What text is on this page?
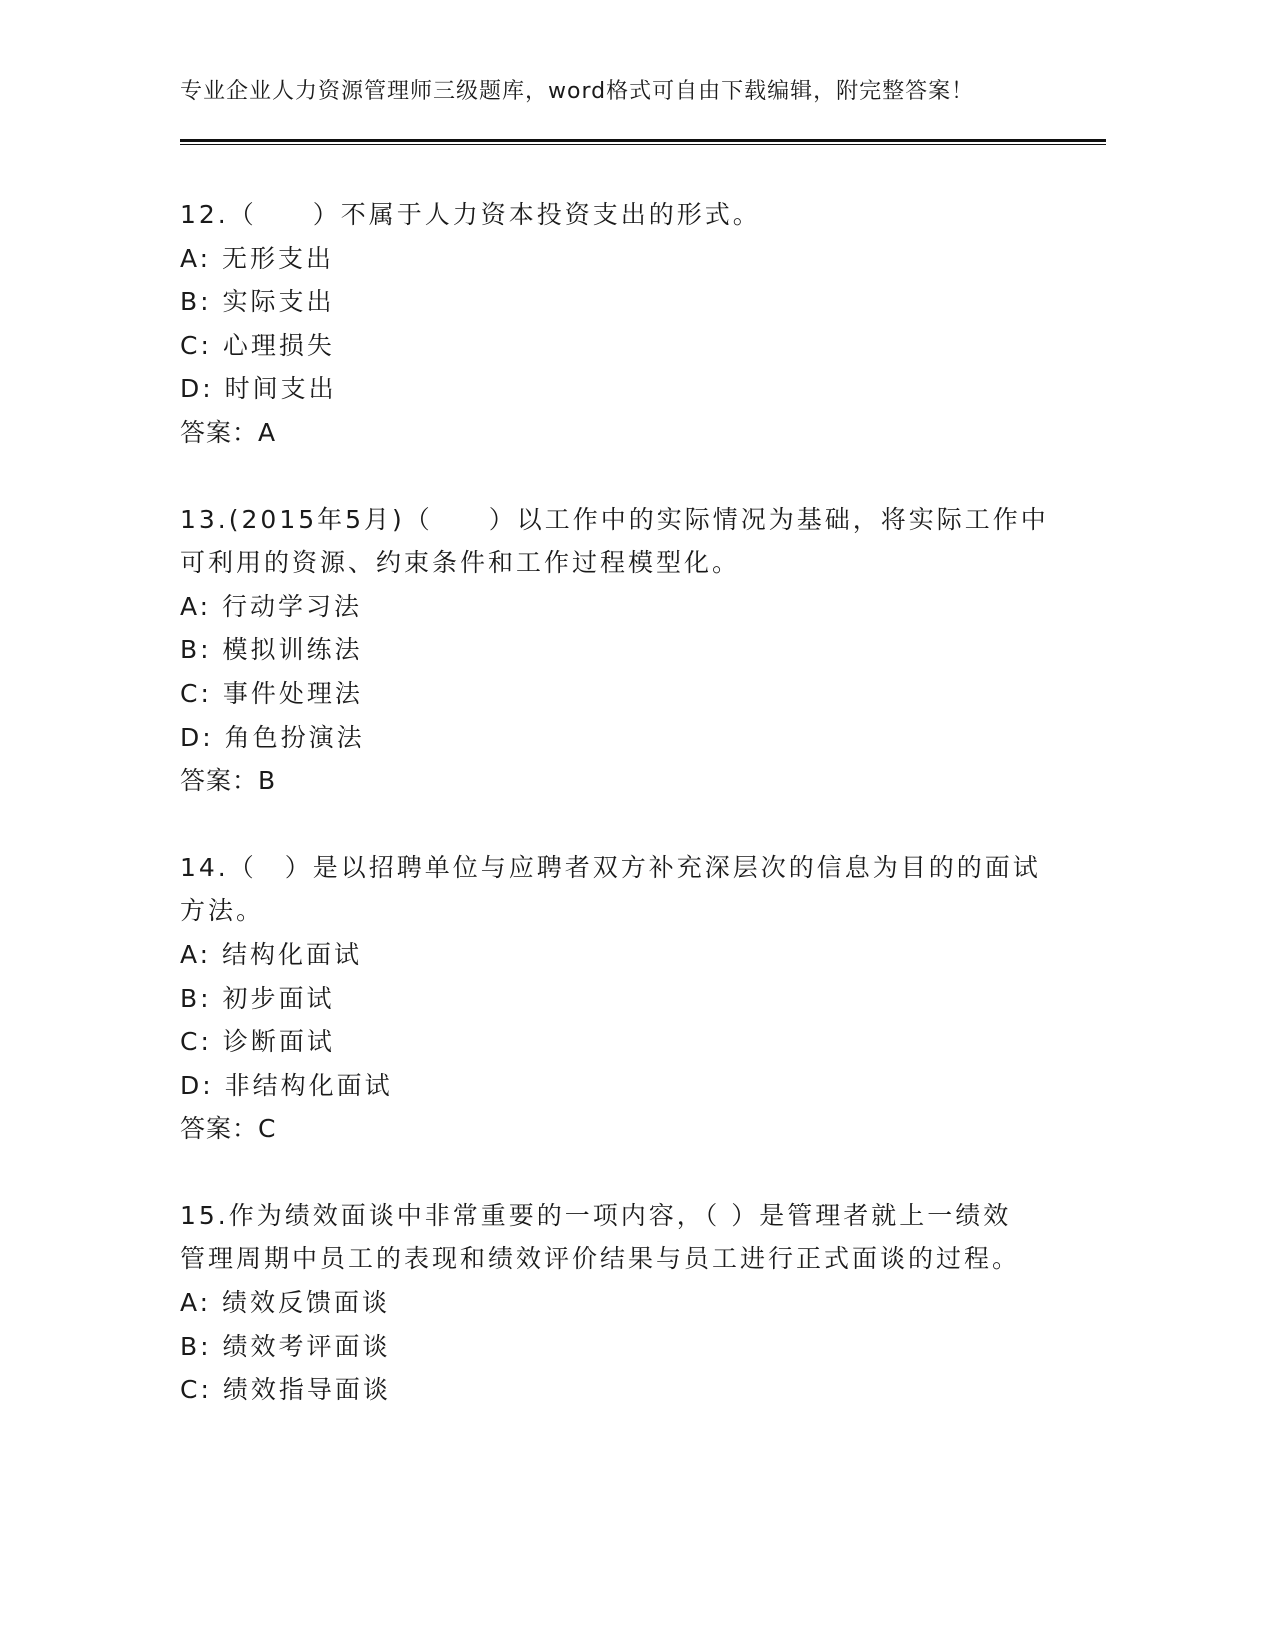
专业企业人力资源管理师三级题库，word格式可自由下载编辑，附完整答案！
12.（　　）不属于人力资本投资支出的形式。
A: 无形支出
B: 实际支出
C: 心理损失
D: 时间支出
答案：A
13.(2015年5月)（　　）以工作中的实际情况为基础，将实际工作中
可利用的资源、约束条件和工作过程模型化。
A: 行动学习法
B: 模拟训练法
C: 事件处理法
D: 角色扮演法
答案：B
14.（　）是以招聘单位与应聘者双方补充深层次的信息为目的的面试
方法。
A: 结构化面试
B: 初步面试
C: 诊断面试
D: 非结构化面试
答案：C
15.作为绩效面谈中非常重要的一项内容，（ ）是管理者就上一绩效
管理周期中员工的表现和绩效评价结果与员工进行正式面谈的过程。
A: 绩效反馈面谈
B: 绩效考评面谈
C: 绩效指导面谈
